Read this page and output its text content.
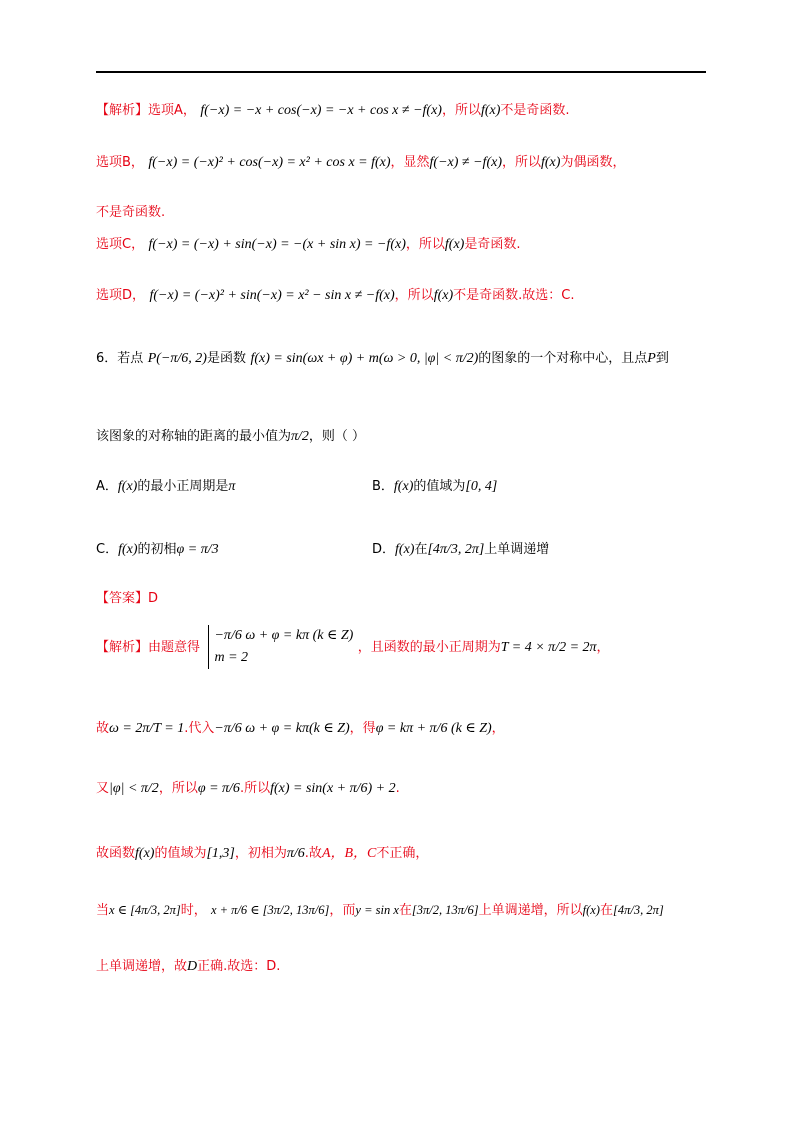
【解析】选项A， f(−x) = −x + cos(−x) = −x + cos x ≠ −f(x)，所以f(x)不是奇函数.
选项B， f(−x) = (−x)² + cos(−x) = x² + cos x = f(x)，显然f(−x) ≠ −f(x)，所以f(x)为偶函数，
不是奇函数.
选项C， f(−x) = (−x) + sin(−x) = −(x + sin x) = −f(x)，所以f(x)是奇函数.
选项D， f(−x) = (−x)² + sin(−x) = x² − sin x ≠ −f(x)，所以f(x)不是奇函数.故选：C.
6．若点 P(−π/6, 2)是函数 f(x) = sin(ωx + φ) + m(ω > 0, |φ| < π/2)的图象的一个对称中心，且点P到
该图象的对称轴的距离的最小值为π/2，则（ ）
A．f(x)的最小正周期是π	B．f(x)的值域为[0, 4]
C．f(x)的初相φ = π/3	D．f(x)在[4π/3, 2π]上单调递增
【答案】D
【解析】由题意得
−π/6 ω + φ = kπ (k ∈ Z)
m = 2
，且函数的最小正周期为T = 4 × π/2 = 2π，
故ω = 2π/T = 1.代入−π/6 ω + φ = kπ(k ∈ Z)，得φ = kπ + π/6 (k ∈ Z)，
又|φ| < π/2，所以φ = π/6.所以f(x) = sin(x + π/6) + 2.
故函数f(x)的值域为[1,3]，初相为π/6.故A，B，C不正确，
当x ∈ [4π/3, 2π]时， x + π/6 ∈ [3π/2, 13π/6]，而y = sin x在[3π/2, 13π/6]上单调递增，所以f(x)在[4π/3, 2π]
上单调递增，故D正确.故选：D.
